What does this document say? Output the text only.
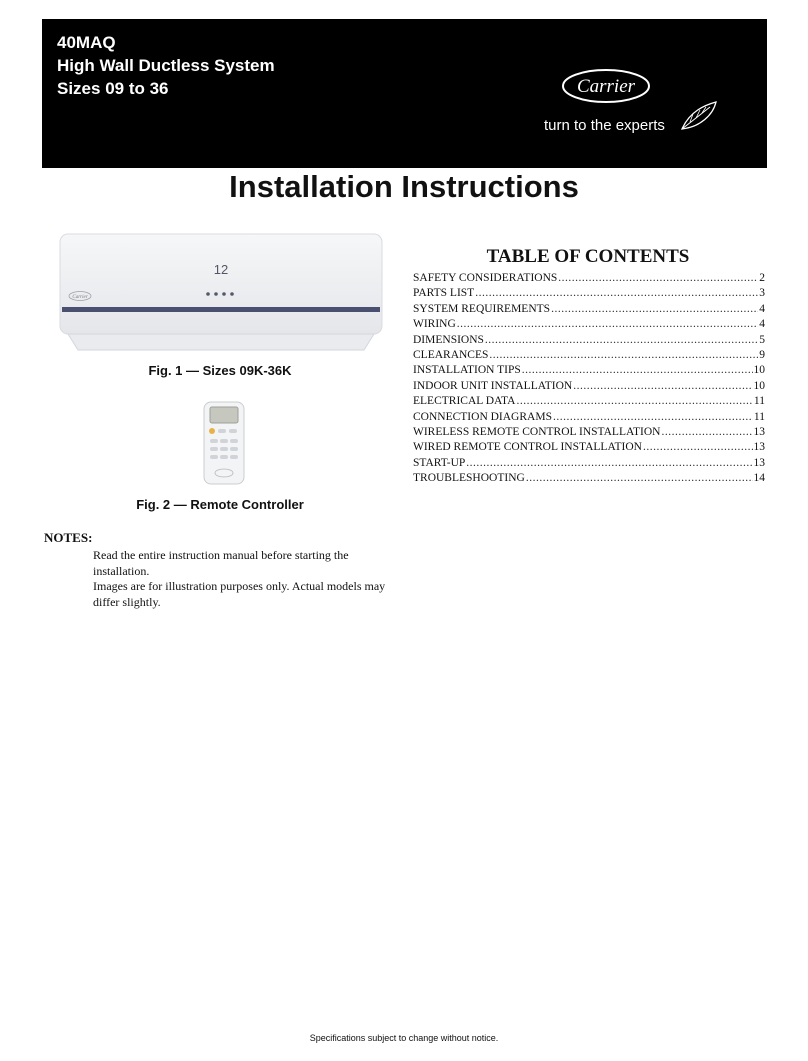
40MAQ
High Wall Ductless System
Sizes 09 to 36	Carrier
turn to the experts
Installation Instructions
12
Carrier
Fig. 1 — Sizes 09K-36K
Fig. 2 — Remote Controller
NOTES:

Read the entire instruction manual before starting the installation.

Images are for illustration purposes only. Actual models may differ slightly.

TABLE OF CONTENTS
SAFETY CONSIDERATIONS .....	2
PARTS LIST .....	3
SYSTEM REQUIREMENTS .....	4
WIRING .....	4
DIMENSIONS .....	5
CLEARANCES .....	9
INSTALLATION TIPS .....	10
INDOOR UNIT INSTALLATION .....	10
ELECTRICAL DATA .....	11
CONNECTION DIAGRAMS .....	11
WIRELESS REMOTE CONTROL INSTALLATION .....	13
WIRED REMOTE CONTROL INSTALLATION .....	13
START-UP .....	13
TROUBLESHOOTING .....	14
Specifications subject to change without notice.
